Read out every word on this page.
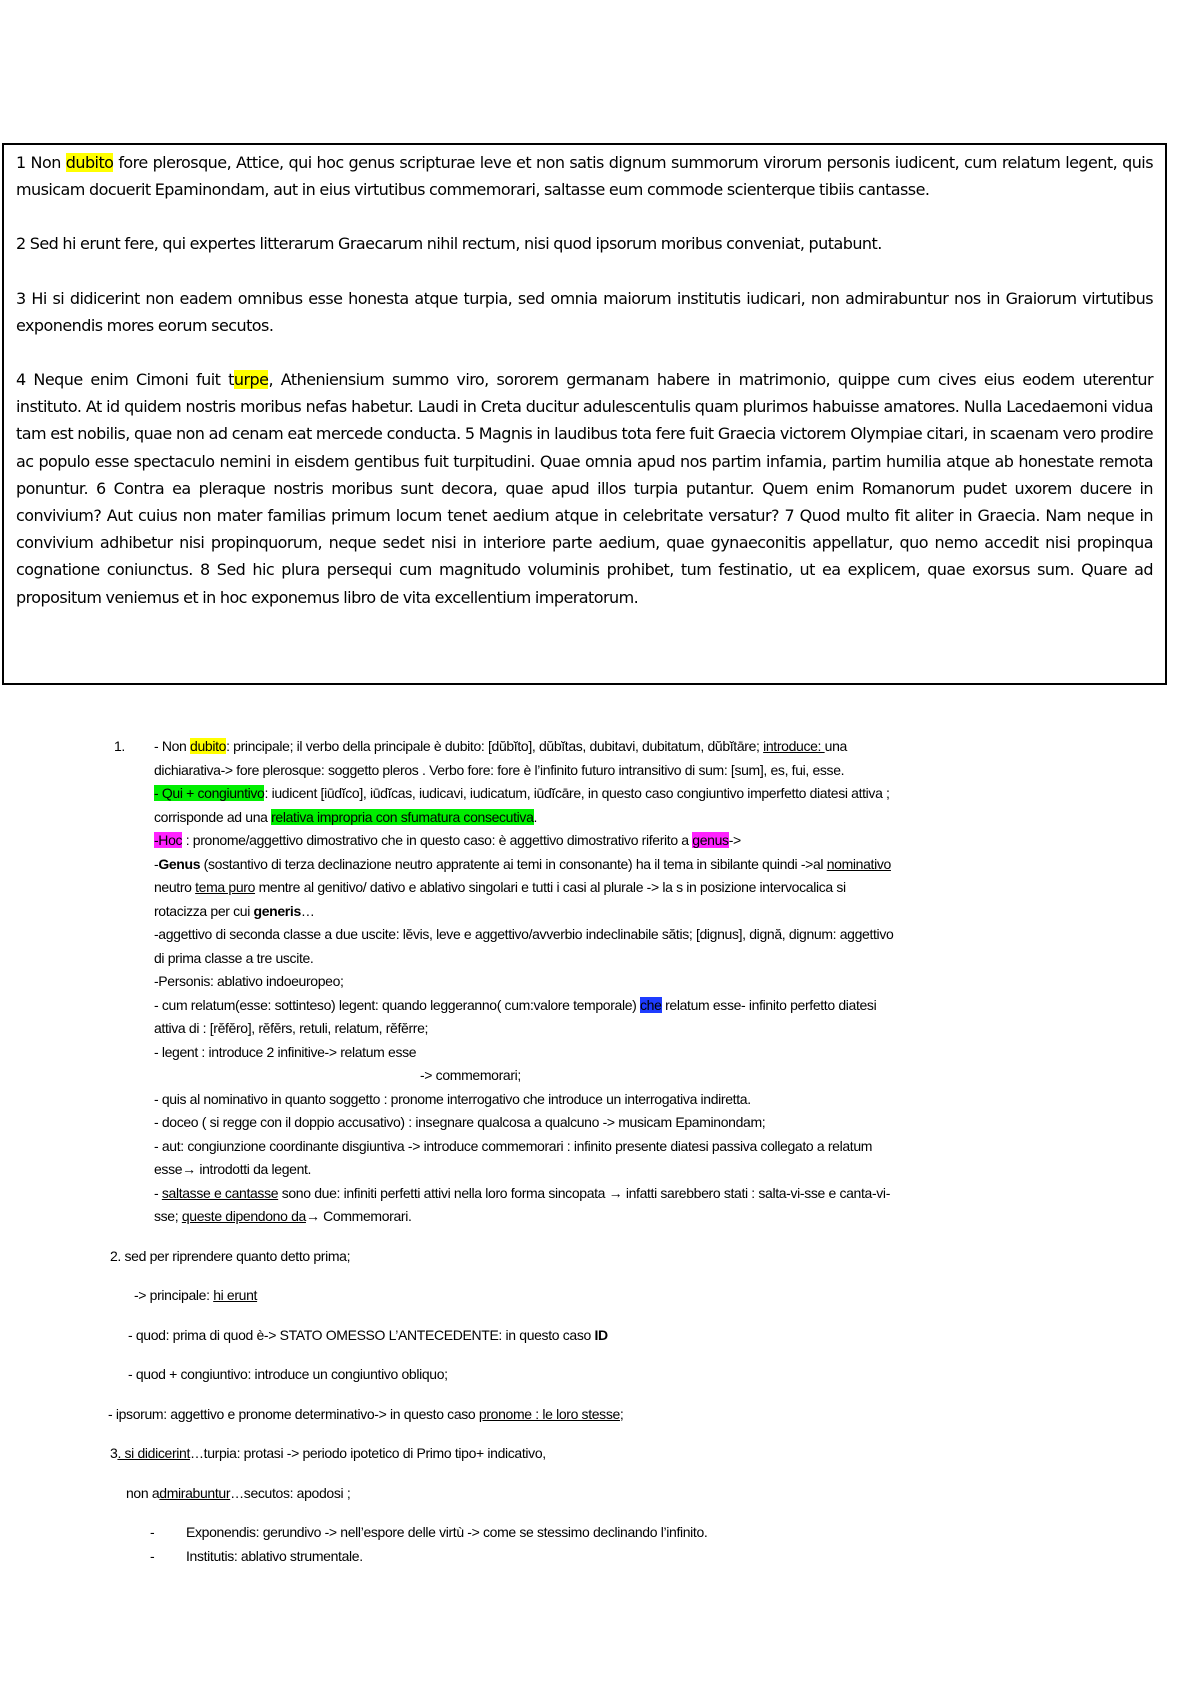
1 Non dubito fore plerosque, Attice, qui hoc genus scripturae leve et non satis dignum summorum virorum personis iudicent, cum relatum legent, quis musicam docuerit Epaminondam, aut in eius virtutibus commemorari, saltasse eum commode scienterque tibiis cantasse.

2 Sed hi erunt fere, qui expertes litterarum Graecarum nihil rectum, nisi quod ipsorum moribus conveniat, putabunt.

3 Hi si didicerint non eadem omnibus esse honesta atque turpia, sed omnia maiorum institutis iudicari, non admirabuntur nos in Graiorum virtutibus exponendis mores eorum secutos.

4 Neque enim Cimoni fuit turpe, Atheniensium summo viro, sororem germanam habere in matrimonio, quippe cum cives eius eodem uterentur instituto. At id quidem nostris moribus nefas habetur. Laudi in Creta ducitur adulescentulis quam plurimos habuisse amatores. Nulla Lacedaemoni vidua tam est nobilis, quae non ad cenam eat mercede conducta. 5 Magnis in laudibus tota fere fuit Graecia victorem Olympiae citari, in scaenam vero prodire ac populo esse spectaculo nemini in eisdem gentibus fuit turpitudini. Quae omnia apud nos partim infamia, partim humilia atque ab honestate remota ponuntur. 6 Contra ea pleraque nostris moribus sunt decora, quae apud illos turpia putantur. Quem enim Romanorum pudet uxorem ducere in convivium? Aut cuius non mater familias primum locum tenet aedium atque in celebritate versatur? 7 Quod multo fit aliter in Graecia. Nam neque in convivium adhibetur nisi propinquorum, neque sedet nisi in interiore parte aedium, quae gynaeconitis appellatur, quo nemo accedit nisi propinqua cognatione coniunctus. 8 Sed hic plura persequi cum magnitudo voluminis prohibet, tum festinatio, ut ea explicem, quae exorsus sum. Quare ad propositum veniemus et in hoc exponemus libro de vita excellentium imperatorum.

1. - Non dubito: principale; il verbo della principale è dubito: [dŭbĭto], dŭbĭtas, dubitavi, dubitatum, dŭbĭtāre; introduce: una
dichiarativa-> fore plerosque: soggetto pleros . Verbo fore: fore è l’infinito futuro intransitivo di sum: [sum], es, fui, esse.
- Qui + congiuntivo: iudicent [iūdĭco], iūdĭcas, iudicavi, iudicatum, iūdĭcāre, in questo caso congiuntivo imperfetto diatesi attiva ;
corrisponde ad una relativa impropria con sfumatura consecutiva.
-Hoc : pronome/aggettivo dimostrativo che in questo caso: è aggettivo dimostrativo riferito a genus->
-Genus (sostantivo di terza declinazione neutro appratente ai temi in consonante) ha il tema in sibilante quindi ->al nominativo
neutro tema puro mentre al genitivo/ dativo e ablativo singolari e tutti i casi al plurale -> la s in posizione intervocalica si
rotacizza per cui generis…
-aggettivo di seconda classe a due uscite: lĕvis, leve e aggettivo/avverbio indeclinabile sătis; [dignus], dignă, dignum: aggettivo
di prima classe a tre uscite.
-Personis: ablativo indoeuropeo;
- cum relatum(esse: sottinteso) legent: quando leggeranno( cum:valore temporale) che relatum esse- infinito perfetto diatesi
attiva di : [rĕfĕro], rĕfĕrs, retuli, relatum, rĕfĕrre;
- legent : introduce 2 infinitive-> relatum esse
-> commemorari;
- quis al nominativo in quanto soggetto : pronome interrogativo che introduce un interrogativa indiretta.
- doceo ( si regge con il doppio accusativo) : insegnare qualcosa a qualcuno -> musicam Epaminondam;
- aut: congiunzione coordinante disgiuntiva -> introduce commemorari : infinito presente diatesi passiva collegato a relatum
esse→ introdotti da legent.
- saltasse e cantasse sono due: infiniti perfetti attivi nella loro forma sincopata → infatti sarebbero stati : salta-vi-sse e canta-vi-
sse; queste dipendono da→ Commemorari.
2. sed per riprendere quanto detto prima;
-> principale: hi erunt
- quod: prima di quod è-> STATO OMESSO L’ANTECEDENTE: in questo caso ID
- quod + congiuntivo: introduce un congiuntivo obliquo;
- ipsorum: aggettivo e pronome determinativo-> in questo caso pronome : le loro stesse;
3. si didicerint…turpia: protasi -> periodo ipotetico di Primo tipo+ indicativo,
non admirabuntur…secutos: apodosi ;
- Exponendis: gerundivo -> nell’espore delle virtù -> come se stessimo declinando l’infinito.
- Institutis: ablativo strumentale.
